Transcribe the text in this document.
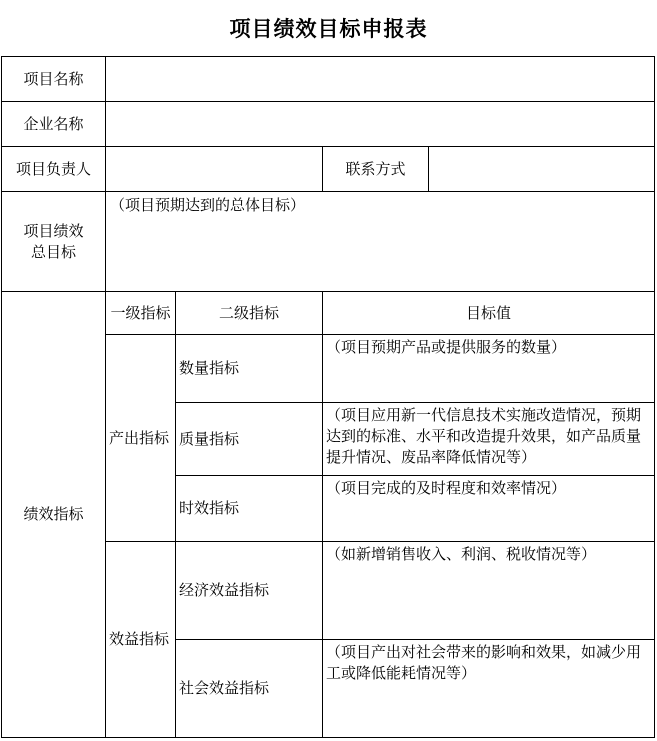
项目绩效目标申报表
项目名称				
企业名称				
项目负责人			联系方式	

项目绩效
总目标	（项目预期达到的总体目标）			
绩效指标	一级指标	二级指标	目标值	
	产出指标	数量指标	（项目预期产品或提供服务的数量）	
		质量指标	（项目应用新一代信息技术实施改造情况，预期达到的标准、水平和改造提升效果，如产品质量提升情况、废品率降低情况等）	
		时效指标	（项目完成的及时程度和效率情况）	
	效益指标	经济效益指标	（如新增销售收入、利润、税收情况等）	
		社会效益指标	（项目产出对社会带来的影响和效果，如减少用工或降低能耗情况等）	
